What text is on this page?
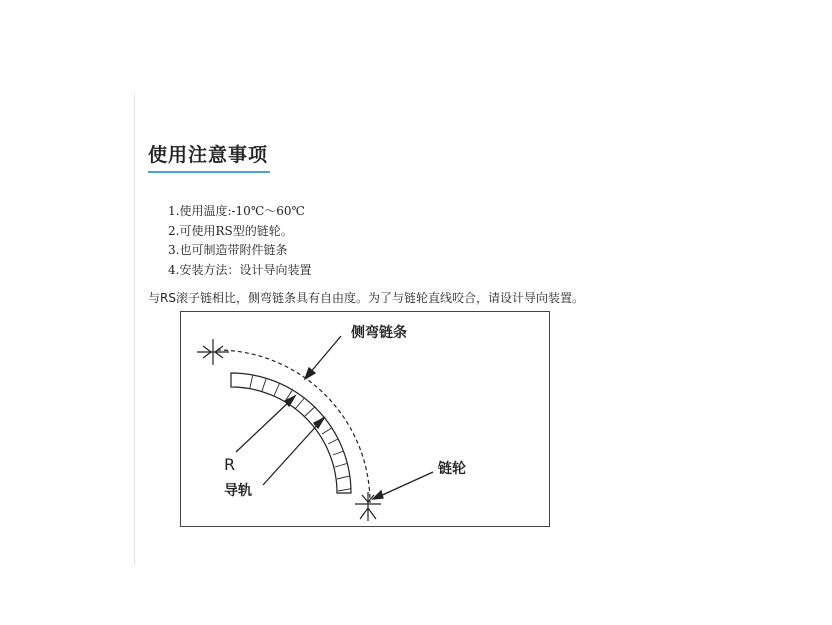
使用注意事项
1.使用温度:-10℃～60℃
2.可使用RS型的链轮。
3.也可制造带附件链条
4.安装方法：设计导向装置
与RS滚子链相比，侧弯链条具有自由度。为了与链轮直线咬合，请设计导向装置。
侧弯链条
链轮
R
导轨
